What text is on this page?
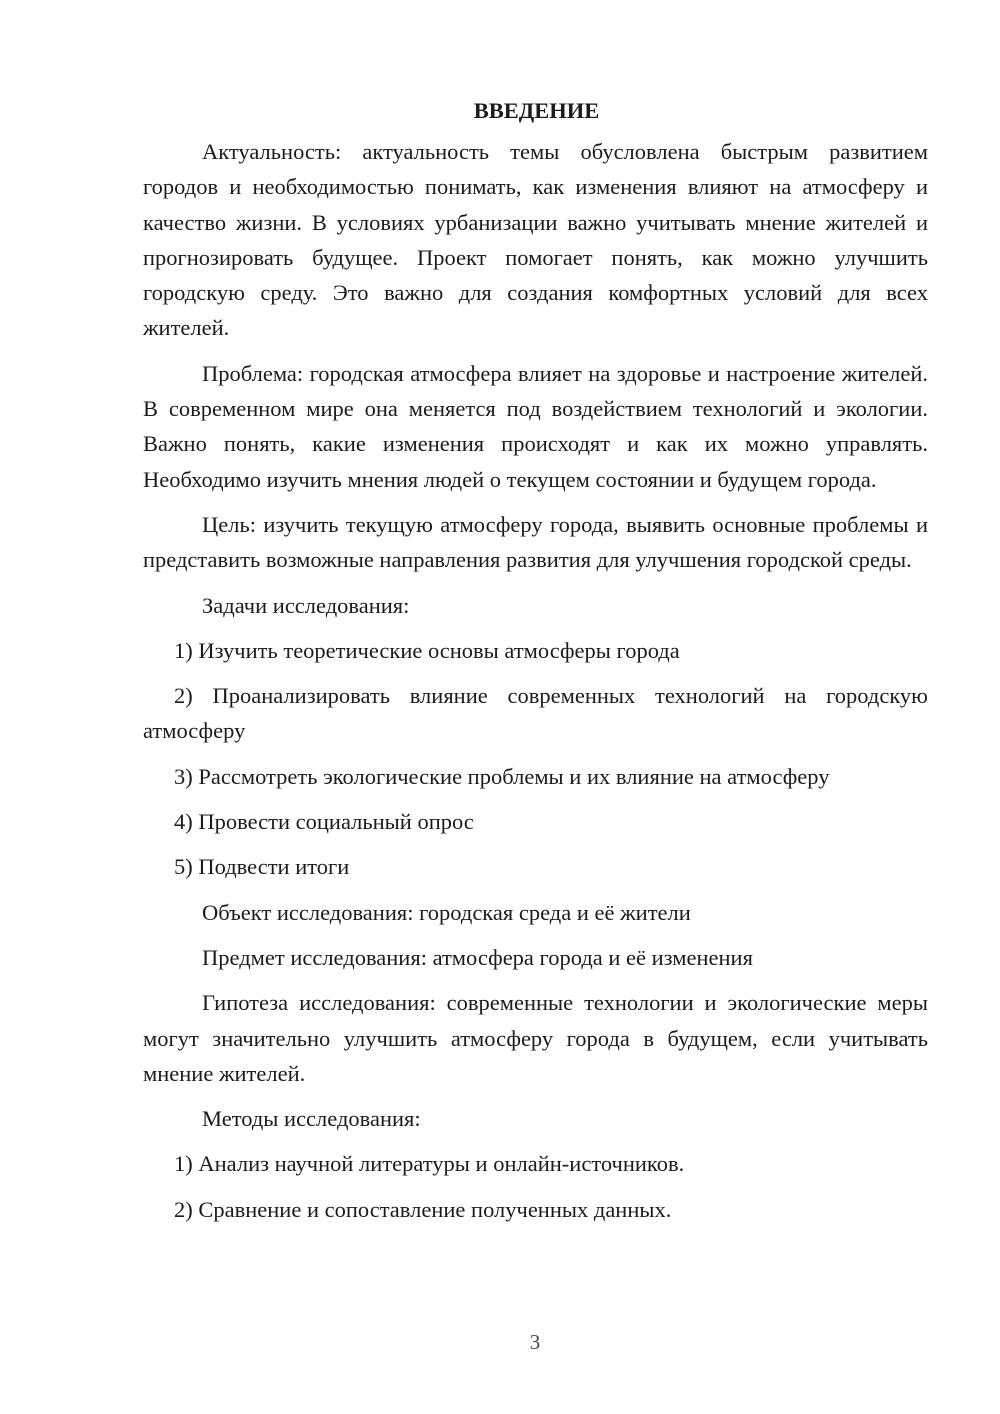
ВВЕДЕНИЕ

Актуальность: актуальность темы обусловлена быстрым развитием городов и необходимостью понимать, как изменения влияют на атмосферу и качество жизни. В условиях урбанизации важно учитывать мнение жителей и прогнозировать будущее. Проект помогает понять, как можно улучшить городскую среду. Это важно для создания комфортных условий для всех жителей.

Проблема: городская атмосфера влияет на здоровье и настроение жителей. В современном мире она меняется под воздействием технологий и экологии. Важно понять, какие изменения происходят и как их можно управлять. Необходимо изучить мнения людей о текущем состоянии и будущем города.

Цель: изучить текущую атмосферу города, выявить основные проблемы и представить возможные направления развития для улучшения городской среды.

Задачи исследования:

1) Изучить теоретические основы атмосферы города

2) Проанализировать влияние современных технологий на городскую атмосферу

3) Рассмотреть экологические проблемы и их влияние на атмосферу

4) Провести социальный опрос

5) Подвести итоги

Объект исследования: городская среда и её жители

Предмет исследования: атмосфера города и её изменения

Гипотеза исследования: современные технологии и экологические меры могут значительно улучшить атмосферу города в будущем, если учитывать мнение жителей.

Методы исследования:

1) Анализ научной литературы и онлайн-источников.

2) Сравнение и сопоставление полученных данных.

3
